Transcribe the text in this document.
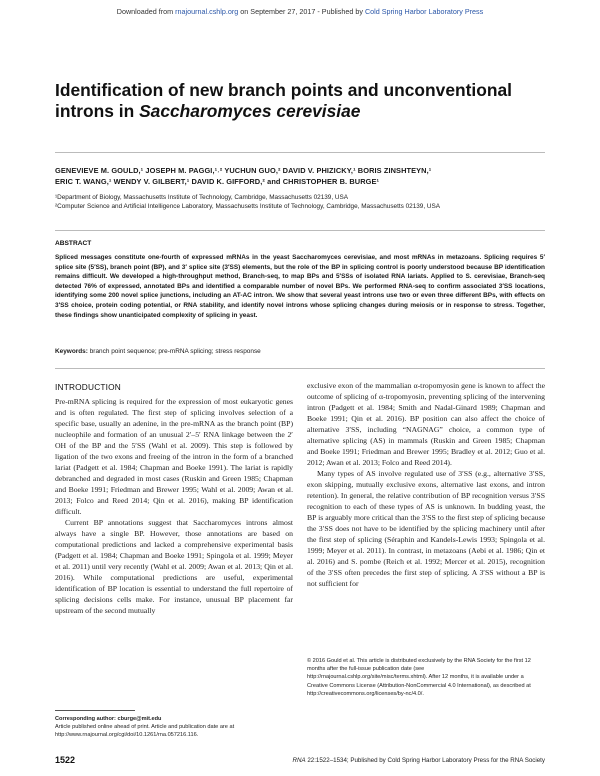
Downloaded from rnajournal.cshlp.org on September 27, 2017 - Published by Cold Spring Harbor Laboratory Press
Identification of new branch points and unconventional
introns in Saccharomyces cerevisiae
GENEVIEVE M. GOULD,¹ JOSEPH M. PAGGI,¹˒² YUCHUN GUO,² DAVID V. PHIZICKY,¹ BORIS ZINSHTEYN,¹
ERIC T. WANG,¹ WENDY V. GILBERT,¹ DAVID K. GIFFORD,² and CHRISTOPHER B. BURGE¹
¹Department of Biology, Massachusetts Institute of Technology, Cambridge, Massachusetts 02139, USA
²Computer Science and Artificial Intelligence Laboratory, Massachusetts Institute of Technology, Cambridge, Massachusetts 02139, USA
ABSTRACT
Spliced messages constitute one-fourth of expressed mRNAs in the yeast Saccharomyces cerevisiae, and most mRNAs in metazoans. Splicing requires 5′ splice site (5′SS), branch point (BP), and 3′ splice site (3′SS) elements, but the role of the BP in splicing control is poorly understood because BP identification remains difficult. We developed a high-throughput method, Branch-seq, to map BPs and 5′SSs of isolated RNA lariats. Applied to S. cerevisiae, Branch-seq detected 76% of expressed, annotated BPs and identified a comparable number of novel BPs. We performed RNA-seq to confirm associated 3′SS locations, identifying some 200 novel splice junctions, including an AT-AC intron. We show that several yeast introns use two or even three different BPs, with effects on 3′SS choice, protein coding potential, or RNA stability, and identify novel introns whose splicing changes during meiosis or in response to stress. Together, these findings show unanticipated complexity of splicing in yeast.
Keywords: branch point sequence; pre-mRNA splicing; stress response
INTRODUCTION

Pre-mRNA splicing is required for the expression of most eukaryotic genes and is often regulated. The first step of splicing involves selection of a specific base, usually an adenine, in the pre-mRNA as the branch point (BP) nucleophile and formation of an unusual 2′–5′ RNA linkage between the 2′ OH of the BP and the 5′SS (Wahl et al. 2009). This step is followed by ligation of the two exons and freeing of the intron in the form of a branched lariat (Padgett et al. 1984; Chapman and Boeke 1991). The lariat is rapidly debranched and degraded in most cases (Ruskin and Green 1985; Chapman and Boeke 1991; Friedman and Brewer 1995; Wahl et al. 2009; Awan et al. 2013; Folco and Reed 2014; Qin et al. 2016), making BP identification difficult.

Current BP annotations suggest that Saccharomyces introns almost always have a single BP. However, those annotations are based on computational predictions and lacked a comprehensive experimental basis (Padgett et al. 1984; Chapman and Boeke 1991; Spingola et al. 1999; Meyer et al. 2011) until very recently (Wahl et al. 2009; Awan et al. 2013; Qin et al. 2016). While computational predictions are useful, experimental identification of BP location is essential to understand the full repertoire of splicing decisions cells make. For instance, unusual BP placement far upstream of the second mutually

exclusive exon of the mammalian α-tropomyosin gene is known to affect the outcome of splicing of α-tropomyosin, preventing splicing of the intervening intron (Padgett et al. 1984; Smith and Nadal-Ginard 1989; Chapman and Boeke 1991; Qin et al. 2016). BP position can also affect the choice of alternative 3′SS, including “NAGNAG” choice, a common type of alternative splicing (AS) in mammals (Ruskin and Green 1985; Chapman and Boeke 1991; Friedman and Brewer 1995; Bradley et al. 2012; Guo et al. 2012; Awan et al. 2013; Folco and Reed 2014).

Many types of AS involve regulated use of 3′SS (e.g., alternative 3′SS, exon skipping, mutually exclusive exons, alternative last exons, and intron retention). In general, the relative contribution of BP recognition versus 3′SS recognition to each of these types of AS is unknown. In budding yeast, the BP is arguably more critical than the 3′SS to the first step of splicing because the 3′SS does not have to be identified by the splicing machinery until after the first step of splicing (Séraphin and Kandels-Lewis 1993; Spingola et al. 1999; Meyer et al. 2011). In contrast, in metazoans (Aebi et al. 1986; Qin et al. 2016) and S. pombe (Reich et al. 1992; Mercer et al. 2015), recognition of the 3′SS often precedes the first step of splicing. A 3′SS without a BP is not sufficient for

Corresponding author: cburge@mit.edu
Article published online ahead of print. Article and publication date are at
http://www.rnajournal.org/cgi/doi/10.1261/rna.057216.116.
© 2016 Gould et al. This article is distributed exclusively by the RNA Society for the first 12 months after the full-issue publication date (see http://rnajournal.cshlp.org/site/misc/terms.xhtml). After 12 months, it is available under a Creative Commons License (Attribution-NonCommercial 4.0 International), as described at http://creativecommons.org/licenses/by-nc/4.0/.
1522	RNA 22:1522–1534; Published by Cold Spring Harbor Laboratory Press for the RNA Society
